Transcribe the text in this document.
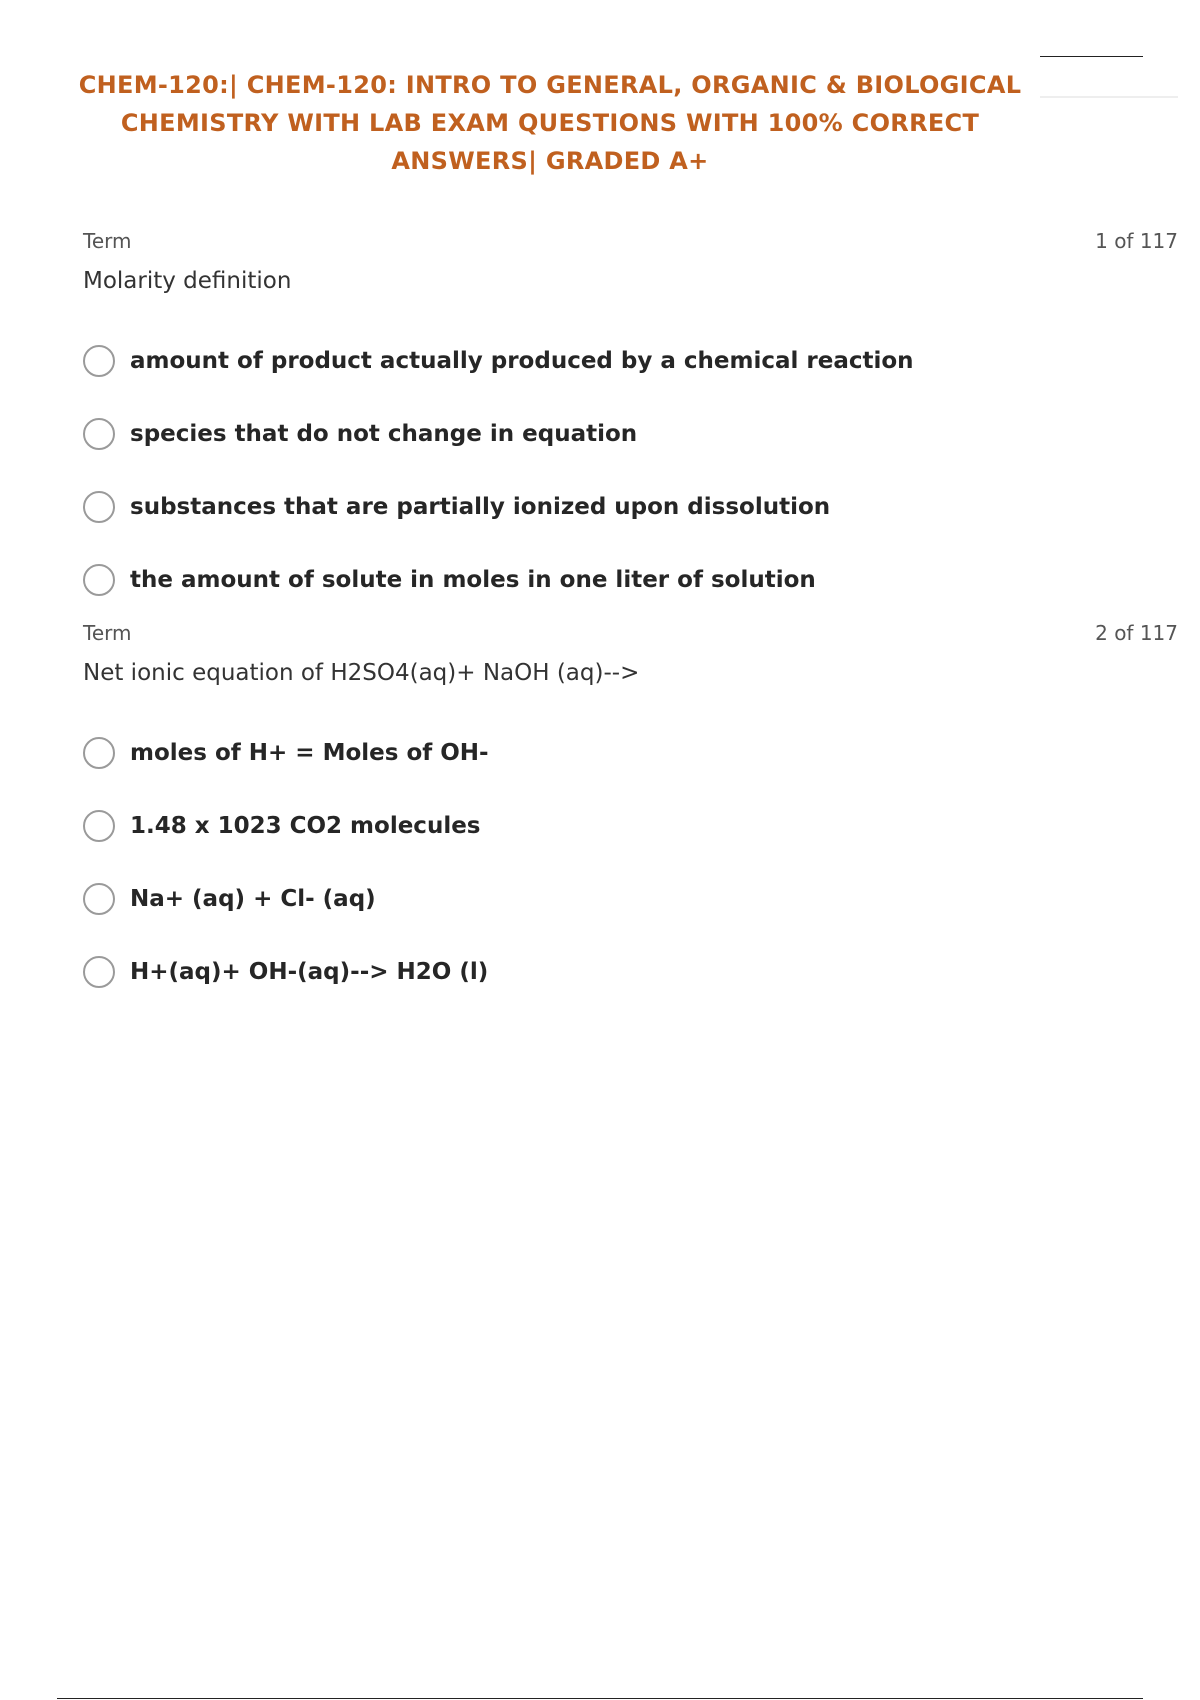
CHEM-120:| CHEM-120: INTRO TO GENERAL, ORGANIC & BIOLOGICAL
CHEMISTRY WITH LAB EXAM QUESTIONS WITH 100% CORRECT
ANSWERS| GRADED A+
Term	1 of 117
Molarity definition
amount of product actually produced by a chemical reaction
species that do not change in equation
substances that are partially ionized upon dissolution
the amount of solute in moles in one liter of solution
Term	2 of 117
Net ionic equation of H2SO4(aq)+ NaOH (aq)-->
moles of H+ = Moles of OH-
1.48 x 1023 CO2 molecules
Na+ (aq) + Cl- (aq)
H+(aq)+ OH-(aq)--> H2O (l)
